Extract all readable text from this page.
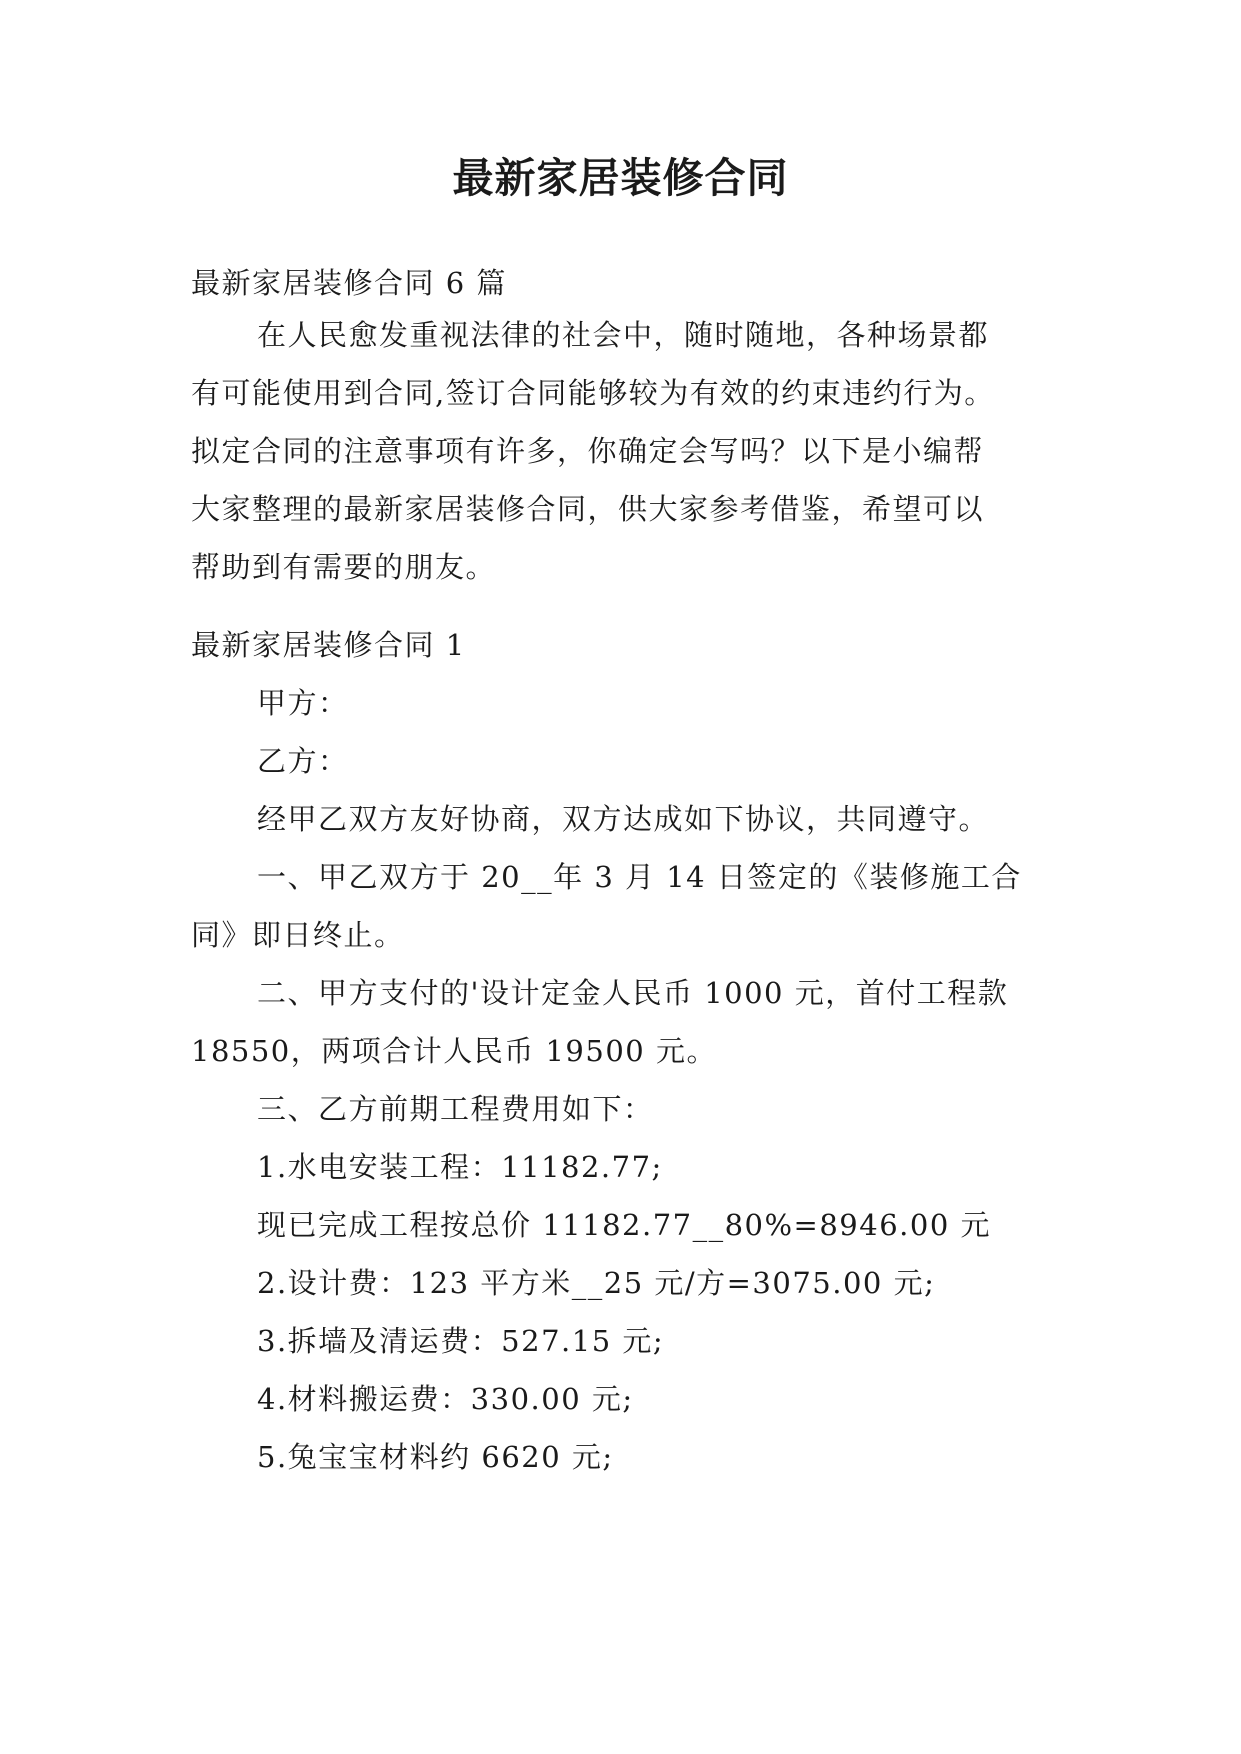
最新家居装修合同
最新家居装修合同 6 篇
在人民愈发重视法律的社会中，随时随地，各种场景都
有可能使用到合同,签订合同能够较为有效的约束违约行为。
拟定合同的注意事项有许多，你确定会写吗？以下是小编帮
大家整理的最新家居装修合同，供大家参考借鉴，希望可以
帮助到有需要的朋友。
最新家居装修合同 1
甲方：
乙方：
经甲乙双方友好协商，双方达成如下协议，共同遵守。
一、甲乙双方于 20__年 3 月 14 日签定的《装修施工合
同》即日终止。
二、甲方支付的'设计定金人民币 1000 元，首付工程款
18550，两项合计人民币 19500 元。
三、乙方前期工程费用如下：
1.水电安装工程：11182.77;
现已完成工程按总价 11182.77__80%=8946.00 元
2.设计费：123 平方米__25 元/方=3075.00 元;
3.拆墙及清运费：527.15 元;
4.材料搬运费：330.00 元;
5.兔宝宝材料约 6620 元;
